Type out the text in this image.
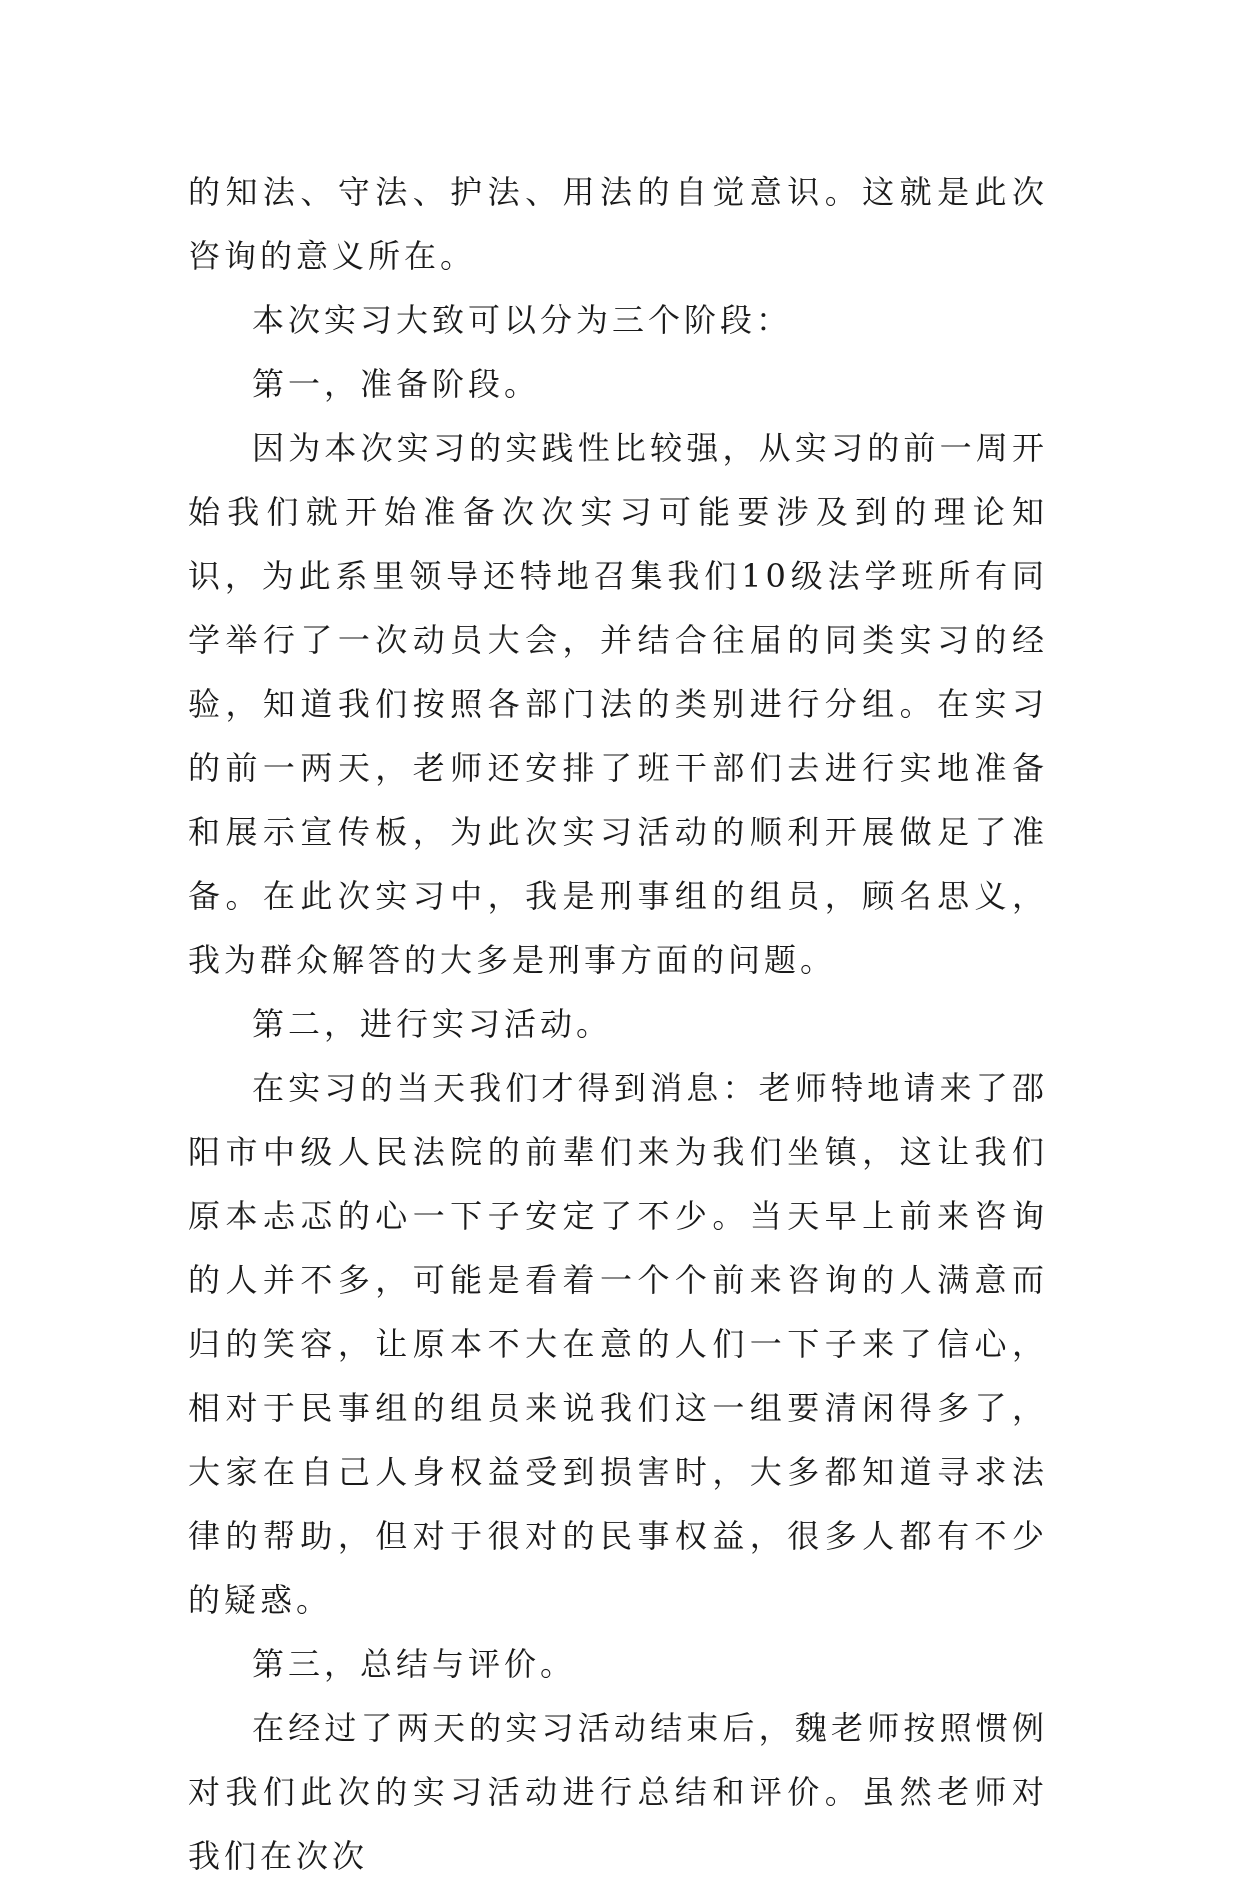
的知法、守法、护法、用法的自觉意识。这就是此次咨询的意义所在。

本次实习大致可以分为三个阶段：

第一，准备阶段。

因为本次实习的实践性比较强，从实习的前一周开始我们就开始准备次次实习可能要涉及到的理论知识，为此系里领导还特地召集我们10级法学班所有同学举行了一次动员大会，并结合往届的同类实习的经验，知道我们按照各部门法的类别进行分组。在实习的前一两天，老师还安排了班干部们去进行实地准备和展示宣传板，为此次实习活动的顺利开展做足了准备。在此次实习中，我是刑事组的组员，顾名思义，我为群众解答的大多是刑事方面的问题。

第二，进行实习活动。

在实习的当天我们才得到消息：老师特地请来了邵阳市中级人民法院的前辈们来为我们坐镇，这让我们原本忐忑的心一下子安定了不少。当天早上前来咨询的人并不多，可能是看着一个个前来咨询的人满意而归的笑容，让原本不大在意的人们一下子来了信心，相对于民事组的组员来说我们这一组要清闲得多了，大家在自己人身权益受到损害时，大多都知道寻求法律的帮助，但对于很对的民事权益，很多人都有不少的疑惑。

第三，总结与评价。

在经过了两天的实习活动结束后，魏老师按照惯例对我们此次的实习活动进行总结和评价。虽然老师对我们在次次
